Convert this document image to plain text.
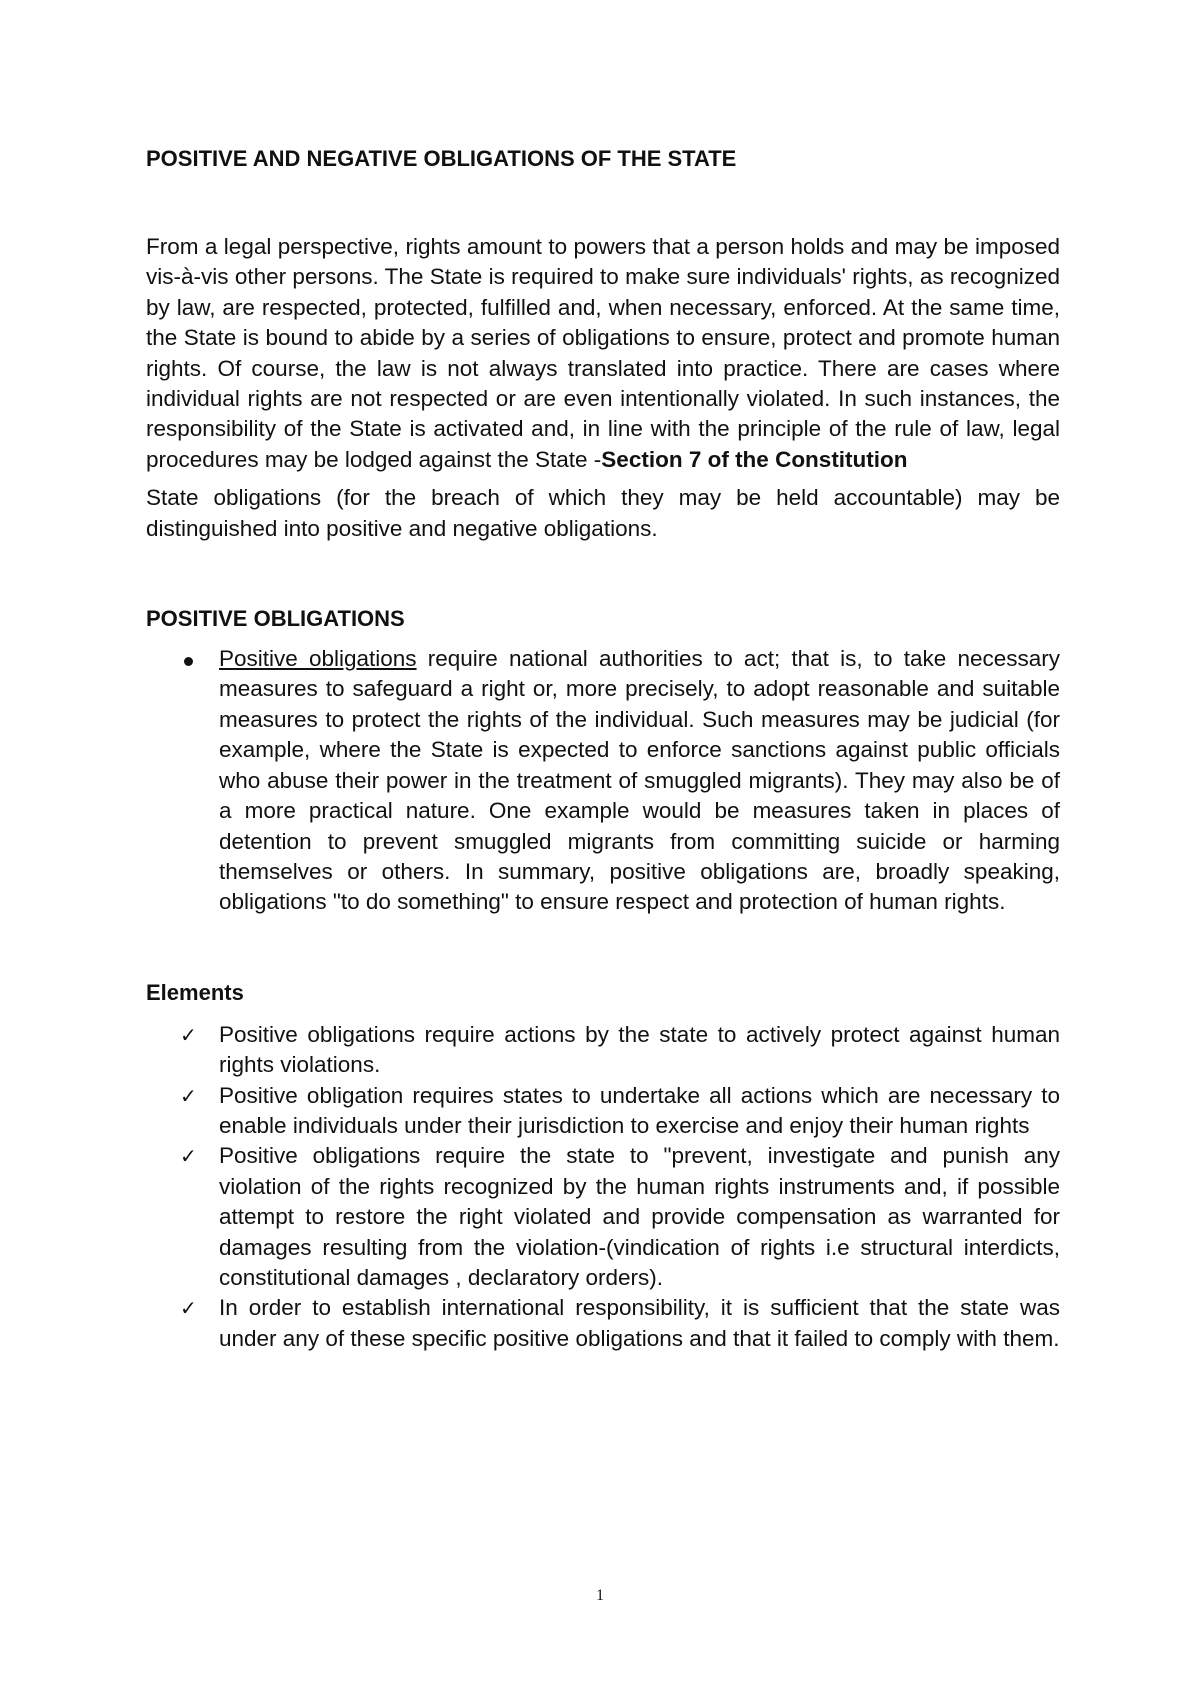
POSITIVE AND NEGATIVE OBLIGATIONS OF THE STATE

From a legal perspective, rights amount to powers that a person holds and may be imposed vis-à-vis other persons. The State is required to make sure individuals' rights, as recognized by law, are respected, protected, fulfilled and, when necessary, enforced. At the same time, the State is bound to abide by a series of obligations to ensure, protect and promote human rights. Of course, the law is not always translated into practice. There are cases where individual rights are not respected or are even intentionally violated. In such instances, the responsibility of the State is activated and, in line with the principle of the rule of law, legal procedures may be lodged against the State -Section 7 of the Constitution

State obligations (for the breach of which they may be held accountable) may be distinguished into positive and negative obligations.

POSITIVE OBLIGATIONS
Positive obligations require national authorities to act; that is, to take necessary measures to safeguard a right or, more precisely, to adopt reasonable and suitable measures to protect the rights of the individual. Such measures may be judicial (for example, where the State is expected to enforce sanctions against public officials who abuse their power in the treatment of smuggled migrants). They may also be of a more practical nature. One example would be measures taken in places of detention to prevent smuggled migrants from committing suicide or harming themselves or others. In summary, positive obligations are, broadly speaking, obligations "to do something" to ensure respect and protection of human rights.
Elements
✓ Positive obligations require actions by the state to actively protect against human rights violations.
✓ Positive obligation requires states to undertake all actions which are necessary to enable individuals under their jurisdiction to exercise and enjoy their human rights
✓ Positive obligations require the state to "prevent, investigate and punish any violation of the rights recognized by the human rights instruments and, if possible attempt to restore the right violated and provide compensation as warranted for damages resulting from the violation-(vindication of rights i.e structural interdicts, constitutional damages , declaratory orders).
✓ In order to establish international responsibility, it is sufficient that the state was under any of these specific positive obligations and that it failed to comply with them.
1
